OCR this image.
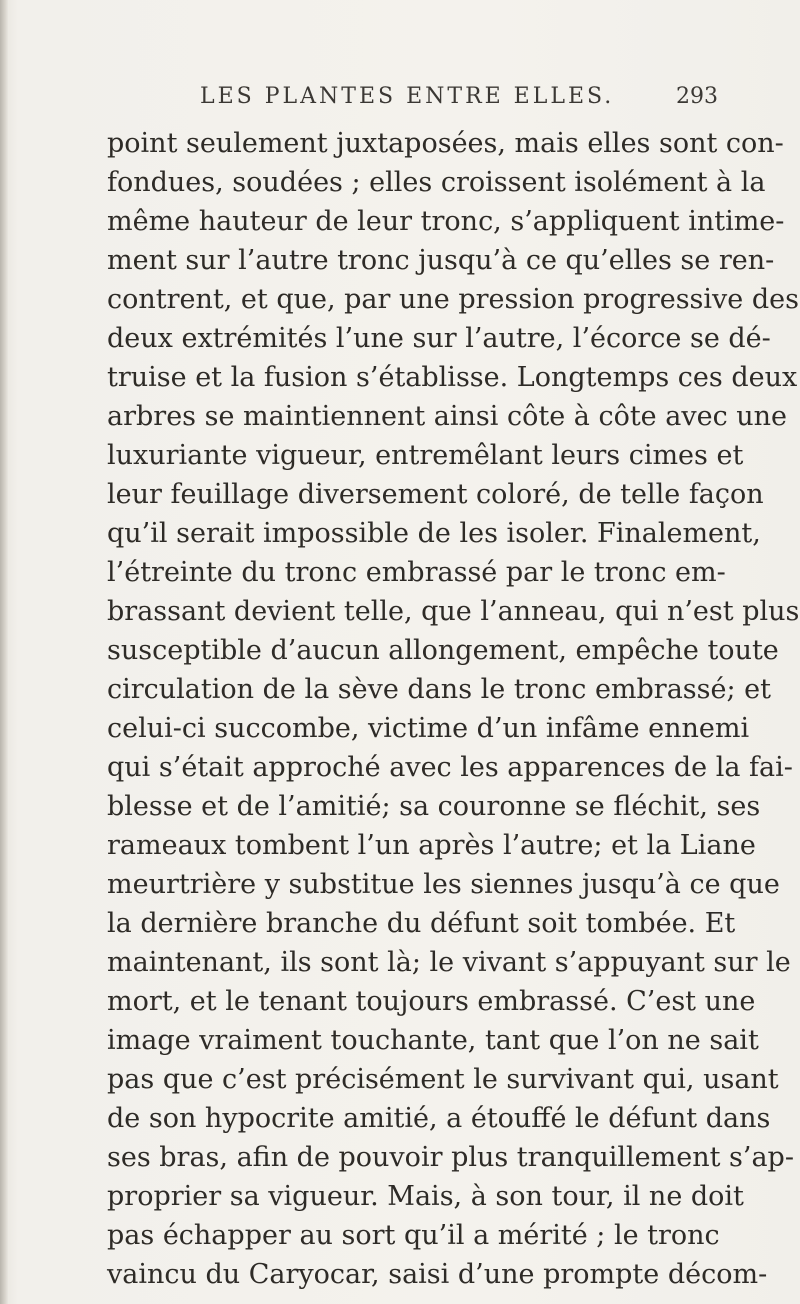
LES PLANTES ENTRE ELLES.	293
point seulement juxtaposées, mais elles sont con-
fondues, soudées ; elles croissent isolément à la
même hauteur de leur tronc, s’appliquent intime-
ment sur l’autre tronc jusqu’à ce qu’elles se ren-
contrent, et que, par une pression progressive des
deux extrémités l’une sur l’autre, l’écorce se dé-
truise et la fusion s’établisse. Longtemps ces deux
arbres se maintiennent ainsi côte à côte avec une
luxuriante vigueur, entremêlant leurs cimes et
leur feuillage diversement coloré, de telle façon
qu’il serait impossible de les isoler. Finalement,
l’étreinte du tronc embrassé par le tronc em-
brassant devient telle, que l’anneau, qui n’est plus
susceptible d’aucun allongement, empêche toute
circulation de la sève dans le tronc embrassé; et
celui-ci succombe, victime d’un infâme ennemi
qui s’était approché avec les apparences de la fai-
blesse et de l’amitié; sa couronne se fléchit, ses
rameaux tombent l’un après l’autre; et la Liane
meurtrière y substitue les siennes jusqu’à ce que
la dernière branche du défunt soit tombée. Et
maintenant, ils sont là; le vivant s’appuyant sur le
mort, et le tenant toujours embrassé. C’est une
image vraiment touchante, tant que l’on ne sait
pas que c’est précisément le survivant qui, usant
de son hypocrite amitié, a étouffé le défunt dans
ses bras, afin de pouvoir plus tranquillement s’ap-
proprier sa vigueur. Mais, à son tour, il ne doit
pas échapper au sort qu’il a mérité ; le tronc
vaincu du Caryocar, saisi d’une prompte décom-
